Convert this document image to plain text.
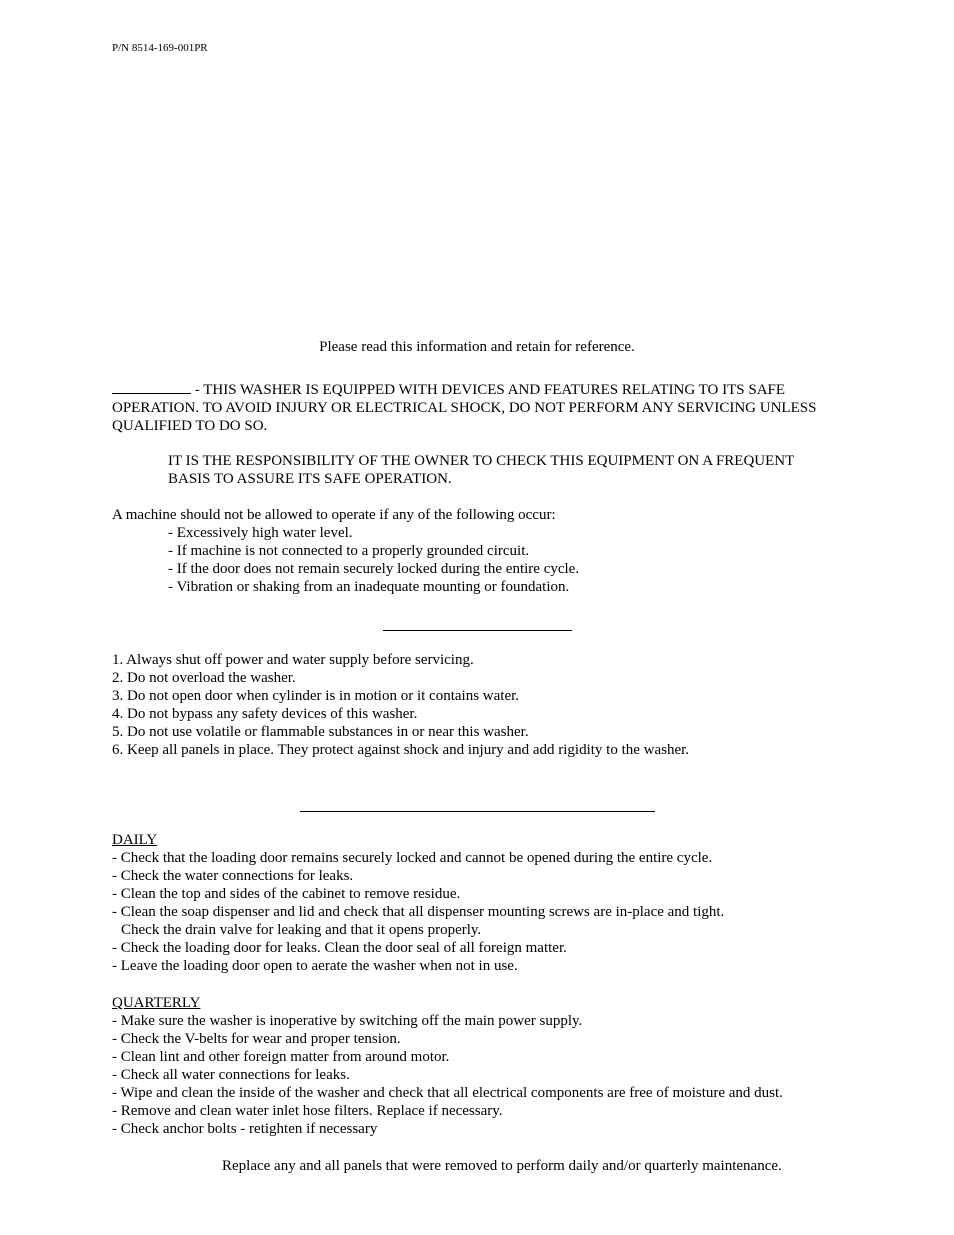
P/N 8514-169-001PR
Please read this information and retain for reference.
- THIS WASHER IS EQUIPPED WITH DEVICES AND FEATURES RELATING TO ITS SAFE OPERATION. TO AVOID INJURY OR ELECTRICAL SHOCK, DO NOT PERFORM ANY SERVICING UNLESS QUALIFIED TO DO SO.
IT IS THE RESPONSIBILITY OF THE OWNER TO CHECK THIS EQUIPMENT ON A FREQUENT BASIS TO ASSURE ITS SAFE OPERATION.
A machine should not be allowed to operate if any of the following occur:
- Excessively high water level.
- If machine is not connected to a properly grounded circuit.
- If the door does not remain securely locked during the entire cycle.
- Vibration or shaking from an inadequate mounting or foundation.
1. Always shut off power and water supply before servicing.
2. Do not overload the washer.
3. Do not open door when cylinder is in motion or it contains water.
4. Do not bypass any safety devices of this washer.
5. Do not use volatile or flammable substances in or near this washer.
6. Keep all panels in place. They protect against shock and injury and add rigidity to the washer.
DAILY
- Check that the loading door remains securely locked and cannot be opened during the entire cycle.
- Check the water connections for leaks.
- Clean the top and sides of the cabinet to remove residue.
- Clean the soap dispenser and lid and check that all dispenser mounting screws are in-place and tight.
Check the drain valve for leaking and that it opens properly.
- Check the loading door for leaks. Clean the door seal of all foreign matter.
- Leave the loading door open to aerate the washer when not in use.
QUARTERLY
- Make sure the washer is inoperative by switching off the main power supply.
- Check the V-belts for wear and proper tension.
- Clean lint and other foreign matter from around motor.
- Check all water connections for leaks.
- Wipe and clean the inside of the washer and check that all electrical components are free of moisture and dust.
- Remove and clean water inlet hose filters. Replace if necessary.
- Check anchor bolts - retighten if necessary
Replace any and all panels that were removed to perform daily and/or quarterly maintenance.
